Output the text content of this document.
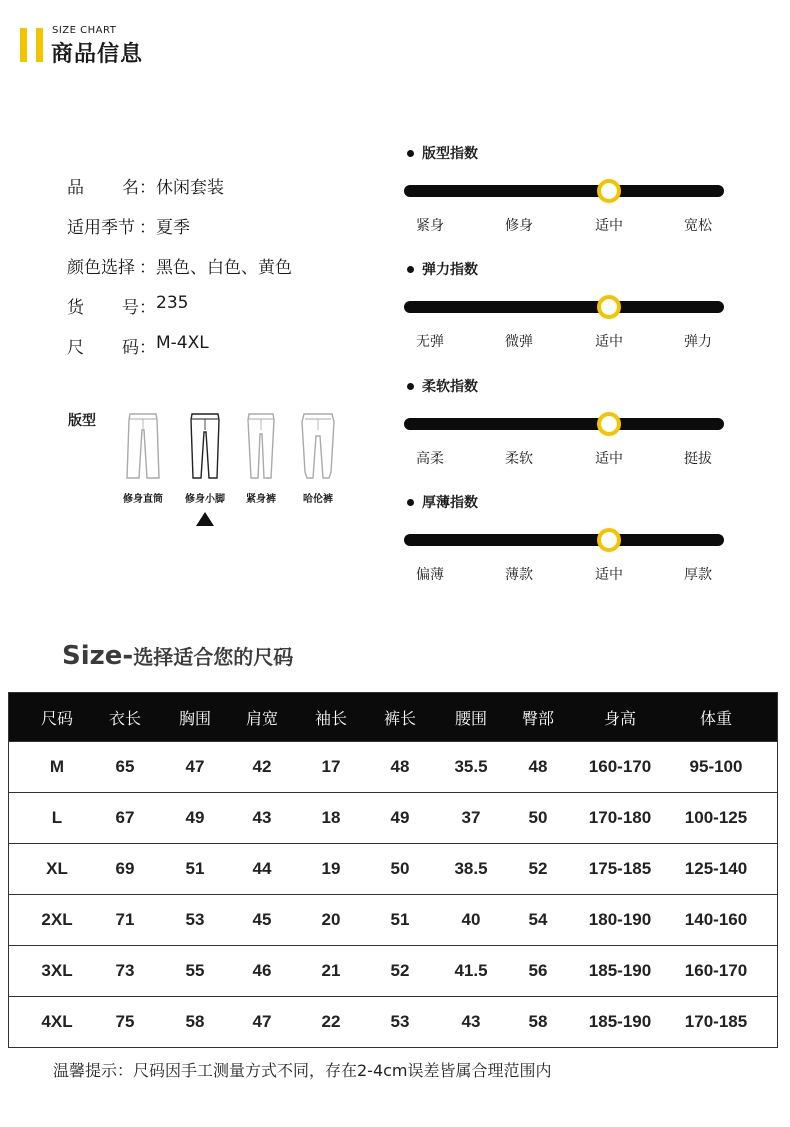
SIZE CHART
商品信息
品 名 ： 休闲套装
适用季节 ： 夏季
颜色选择 ： 黑色、白色、黄色
货 号 ： 235
尺 码 ： M-4XL
版型
修身直筒	修身小脚	紧身裤	哈伦裤
版型指数
紧身	修身	适中	宽松
弹力指数
无弹	微弹	适中	弹力
柔软指数
高柔	柔软	适中	挺拔
厚薄指数
偏薄	薄款	适中	厚款
Size- 选择适合您的尺码
尺码	衣长	胸围	肩宽	袖长	裤长	腰围	臀部	身高	体重
M	65	47	42	17	48	35.5	48	160-170	95-100
L	67	49	43	18	49	37	50	170-180	100-125
XL	69	51	44	19	50	38.5	52	175-185	125-140
2XL	71	53	45	20	51	40	54	180-190	140-160
3XL	73	55	46	21	52	41.5	56	185-190	160-170
4XL	75	58	47	22	53	43	58	185-190	170-185
温馨提示：尺码因手工测量方式不同，存在2-4cm误差皆属合理范围内
